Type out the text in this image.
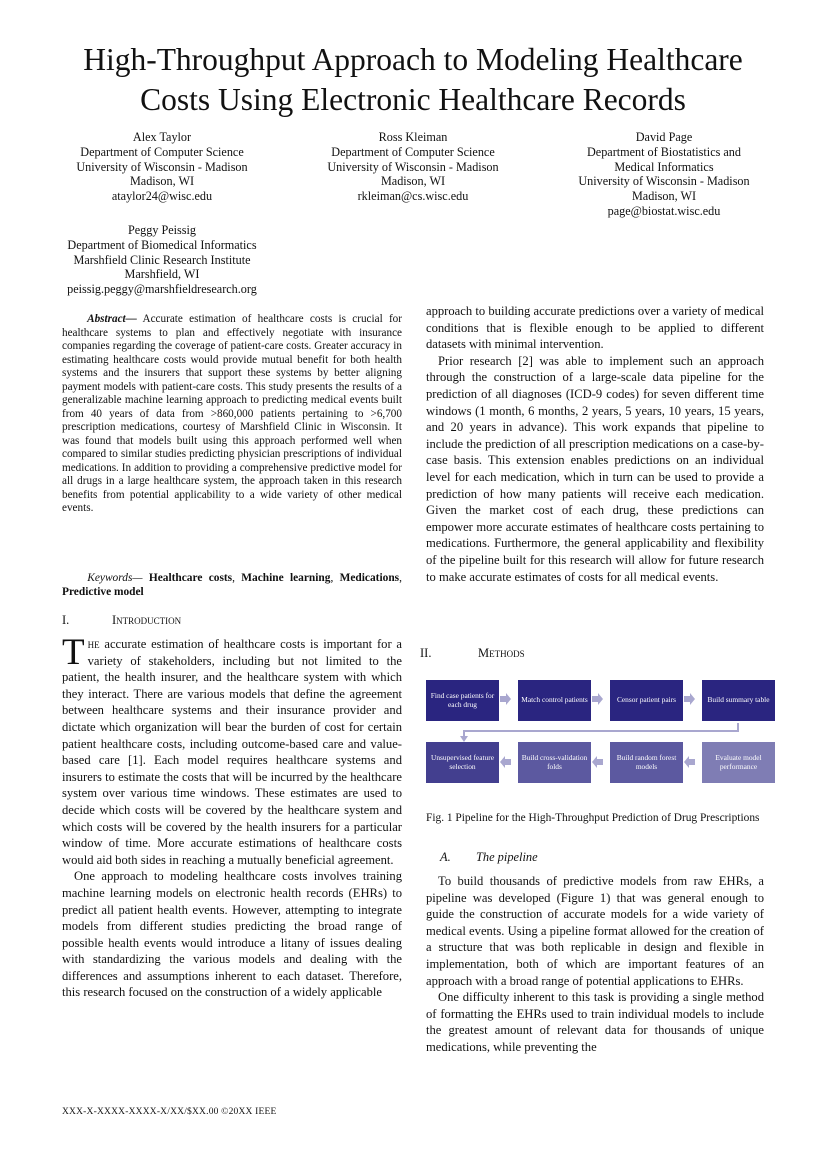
High-Throughput Approach to Modeling Healthcare
Costs Using Electronic Healthcare Records
Alex Taylor
Department of Computer Science
University of Wisconsin - Madison
Madison, WI
ataylor24@wisc.edu
Ross Kleiman
Department of Computer Science
University of Wisconsin - Madison
Madison, WI
rkleiman@cs.wisc.edu
David Page
Department of Biostatistics and
Medical Informatics
University of Wisconsin - Madison
Madison, WI
page@biostat.wisc.edu
Peggy Peissig
Department of Biomedical Informatics
Marshfield Clinic Research Institute
Marshfield, WI
peissig.peggy@marshfieldresearch.org
Abstract— Accurate estimation of healthcare costs is crucial for healthcare systems to plan and effectively negotiate with insurance companies regarding the coverage of patient-care costs. Greater accuracy in estimating healthcare costs would provide mutual benefit for both health systems and the insurers that support these systems by better aligning payment models with patient-care costs. This study presents the results of a generalizable machine learning approach to predicting medical events built from 40 years of data from >860,000 patients pertaining to >6,700 prescription medications, courtesy of Marshfield Clinic in Wisconsin. It was found that models built using this approach performed well when compared to similar studies predicting physician prescriptions of individual medications. In addition to providing a comprehensive predictive model for all drugs in a large healthcare system, the approach taken in this research benefits from potential applicability to a wide variety of other medical events.
Keywords— Healthcare costs, Machine learning, Medications, Predictive model
I.	Introduction

The accurate estimation of healthcare costs is important for a variety of stakeholders, including but not limited to the patient, the health insurer, and the healthcare system with which they interact. There are various models that define the agreement between healthcare systems and their insurance provider and dictate which organization will bear the burden of cost for certain patient healthcare costs, including outcome-based care and value-based care [1]. Each model requires healthcare systems and insurers to estimate the costs that will be incurred by the healthcare system over various time windows. These estimates are used to decide which costs will be covered by the healthcare system and which costs will be covered by the health insurers for a particular window of time. More accurate estimations of healthcare costs would aid both sides in reaching a mutually beneficial agreement.

One approach to modeling healthcare costs involves training machine learning models on electronic health records (EHRs) to predict all patient health events. However, attempting to integrate models from different studies predicting the broad range of possible health events would introduce a litany of issues dealing with standardizing the various models and dealing with the differences and assumptions inherent to each dataset. Therefore, this research focused on the construction of a widely applicable

approach to building accurate predictions over a variety of medical conditions that is flexible enough to be applied to different datasets with minimal intervention.

Prior research [2] was able to implement such an approach through the construction of a large-scale data pipeline for the prediction of all diagnoses (ICD-9 codes) for seven different time windows (1 month, 6 months, 2 years, 5 years, 10 years, 15 years, and 20 years in advance). This work expands that pipeline to include the prediction of all prescription medications on a case-by-case basis. This extension enables predictions on an individual level for each medication, which in turn can be used to provide a prediction of how many patients will receive each medication. Given the market cost of each drug, these predictions can empower more accurate estimates of healthcare costs pertaining to medications. Furthermore, the general applicability and flexibility of the pipeline built for this research will allow for future research to make accurate estimates of costs for all medical events.

II.	Methods
Find case patients for each drug	Match control patients	Censor patient pairs	Build summary table
Unsupervised feature selection
Build cross-validation folds
Build random forest models
Evaluate model performance
Fig. 1 Pipeline for the High-Throughput Prediction of Drug Prescriptions
A. The pipeline

To build thousands of predictive models from raw EHRs, a pipeline was developed (Figure 1) that was general enough to guide the construction of accurate models for a wide variety of medical events. Using a pipeline format allowed for the creation of a structure that was both replicable in design and flexible in implementation, both of which are important features of an approach with a broad range of potential applications to EHRs.

One difficulty inherent to this task is providing a single method of formatting the EHRs used to train individual models to include the greatest amount of relevant data for thousands of unique medications, while preventing the

XXX-X-XXXX-XXXX-X/XX/$XX.00 ©20XX IEEE
